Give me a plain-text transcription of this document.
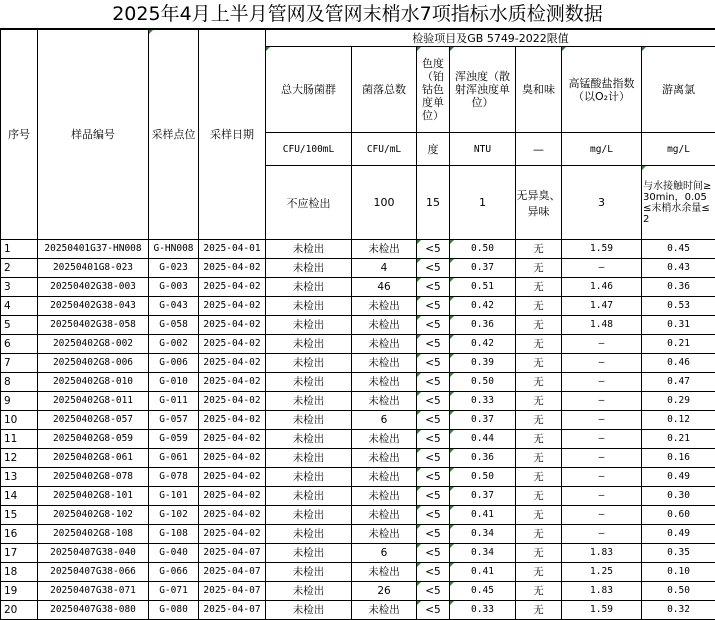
2025年4月上半月管网及管网末梢水7项指标水质检测数据
序号	样品编号	采样点位	采样日期	检验项目及GB 5749-2022限值						
				总大肠菌群	菌落总数	色度（铂钴色度单位）	浑浊度（散射浑浊度单位）	臭和味	高锰酸盐指数（以O₂计）	游离氯
				CFU/100mL	CFU/mL	度	NTU	—	mg/L	mg/L
				不应检出	100	15	1	无异臭、异味	3	与水接触时间≥30min，0.05≤末梢水余量≤2
1	20250401G37-HN008	G-HN008	2025-04-01	未检出	未检出	<5	0.50	无	1.59	0.45
2	20250401G8-023	G-023	2025-04-02	未检出	4	<5	0.37	无	—	0.43
3	20250402G38-003	G-003	2025-04-02	未检出	46	<5	0.51	无	1.46	0.36
4	20250402G38-043	G-043	2025-04-02	未检出	未检出	<5	0.42	无	1.47	0.53
5	20250402G38-058	G-058	2025-04-02	未检出	未检出	<5	0.36	无	1.48	0.31
6	20250402G8-002	G-002	2025-04-02	未检出	未检出	<5	0.42	无	—	0.21
7	20250402G8-006	G-006	2025-04-02	未检出	未检出	<5	0.39	无	—	0.46
8	20250402G8-010	G-010	2025-04-02	未检出	未检出	<5	0.50	无	—	0.47
9	20250402G8-011	G-011	2025-04-02	未检出	未检出	<5	0.33	无	—	0.29
10	20250402G8-057	G-057	2025-04-02	未检出	6	<5	0.37	无	—	0.12
11	20250402G8-059	G-059	2025-04-02	未检出	未检出	<5	0.44	无	—	0.21
12	20250402G8-061	G-061	2025-04-02	未检出	未检出	<5	0.36	无	—	0.16
13	20250402G8-078	G-078	2025-04-02	未检出	未检出	<5	0.50	无	—	0.49
14	20250402G8-101	G-101	2025-04-02	未检出	未检出	<5	0.37	无	—	0.30
15	20250402G8-102	G-102	2025-04-02	未检出	未检出	<5	0.41	无	—	0.60
16	20250402G8-108	G-108	2025-04-02	未检出	未检出	<5	0.34	无	—	0.49
17	20250407G38-040	G-040	2025-04-07	未检出	6	<5	0.34	无	1.83	0.35
18	20250407G38-066	G-066	2025-04-07	未检出	未检出	<5	0.41	无	1.25	0.10
19	20250407G38-071	G-071	2025-04-07	未检出	26	<5	0.45	无	1.83	0.50
20	20250407G38-080	G-080	2025-04-07	未检出	未检出	<5	0.33	无	1.59	0.32
